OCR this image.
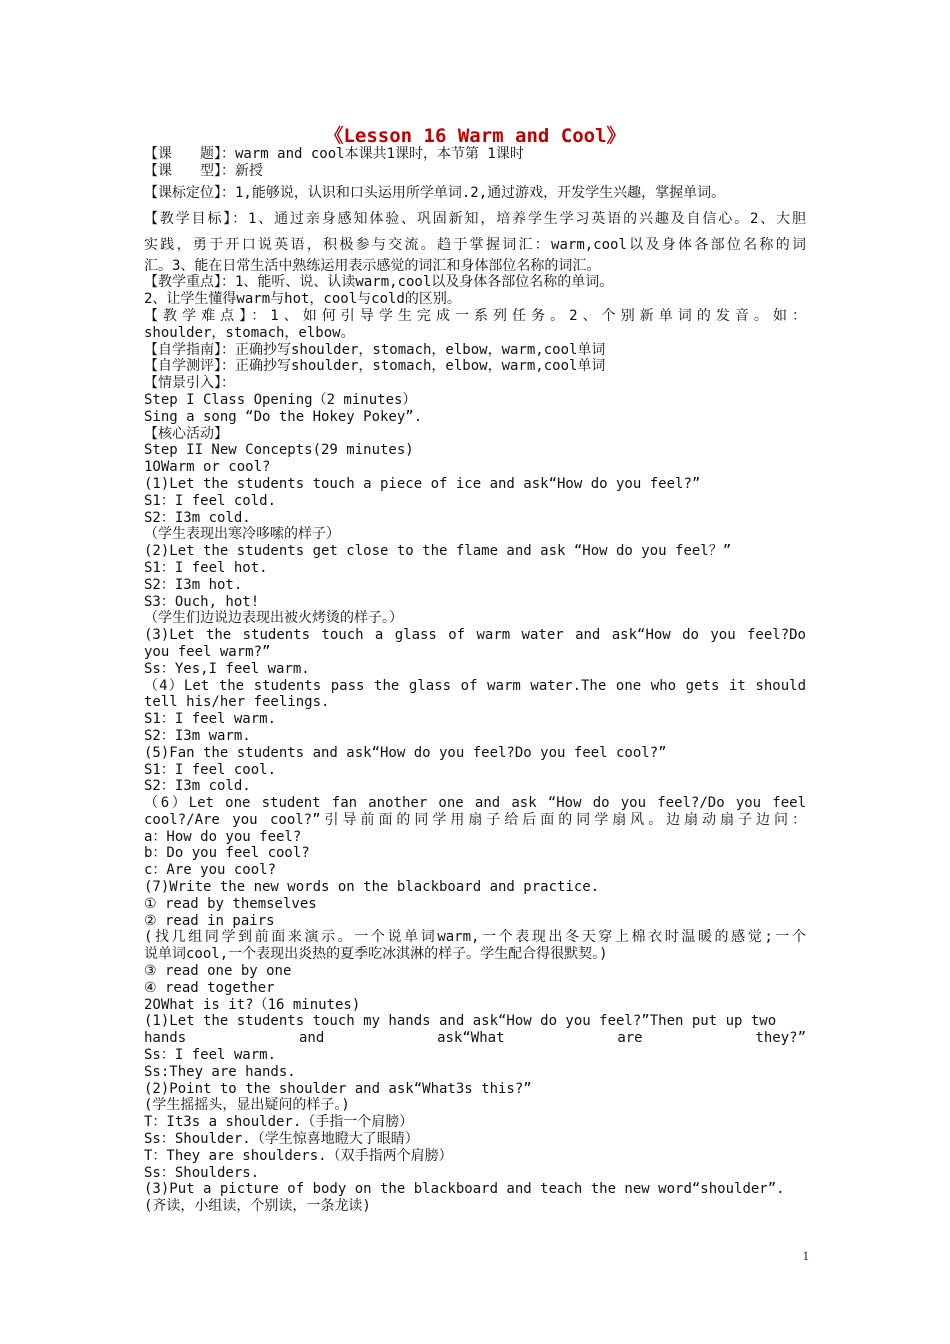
《Lesson 16 Warm and Cool》
【课　　题】：warm and cool本课共1课时，本节第 1课时
【课　　型】：新授
【课标定位】：1,能够说，认识和口头运用所学单词.2,通过游戏，开发学生兴趣，掌握单词。
【教学目标】：1、通过亲身感知体验、巩固新知，培养学生学习英语的兴趣及自信心。2、大胆
实践，勇于开口说英语，积极参与交流。趋于掌握词汇：warm,cool以及身体各部位名称的词
汇。3、能在日常生活中熟练运用表示感觉的词汇和身体部位名称的词汇。
【教学重点】：1、能听、说、认读warm,cool以及身体各部位名称的单词。
2、让学生懂得warm与hot，cool与cold的区别。
【教学难点】：1、如何引导学生完成一系列任务。2、个别新单词的发音。如：
shoulder，stomach，elbow。
【自学指南】：正确抄写shoulder，stomach，elbow，warm,cool单词
【自学测评】：正确抄写shoulder，stomach，elbow，warm,cool单词
【情景引入】：
Step I Class Opening（2 minutes）
Sing a song “Do the Hokey Pokey”.
【核心活动】
Step II New Concepts(29 minutes)
1OWarm or cool?
(1)Let the students touch a piece of ice and ask“How do you feel?”
S1：I feel cold.
S2：I3m cold.
（学生表现出寒冷哆嗦的样子）
(2)Let the students get close to the flame and ask “How do you feel？”
S1：I feel hot.
S2：I3m hot.
S3：Ouch, hot!
（学生们边说边表现出被火烤烫的样子。）
(3)Let the students touch a glass of warm water and ask“How do you feel?Do
you feel warm?”
Ss：Yes,I feel warm.
（4）Let the students pass the glass of warm water.The one who gets it should
tell his/her feelings.
S1：I feel warm.
S2：I3m warm.
(5)Fan the students and ask“How do you feel?Do you feel cool?”
S1：I feel cool.
S2：I3m cold.
（6）Let one student fan another one and ask “How do you feel?/Do you feel
cool?/Are you cool?”引导前面的同学用扇子给后面的同学扇风。边扇动扇子边问：
a：How do you feel?
b：Do you feel cool?
c：Are you cool?
(7)Write the new words on the blackboard and practice.
① read by themselves
② read in pairs
(找几组同学到前面来演示。一个说单词warm,一个表现出冬天穿上棉衣时温暖的感觉;一个
说单词cool,一个表现出炎热的夏季吃冰淇淋的样子。学生配合得很默契。)
③ read one by one
④ read together
2OWhat is it?（16 minutes)
(1)Let the students touch my hands and ask“How do you feel?”Then put up two
hands and ask“What are they?”
Ss：I feel warm.
Ss:They are hands.
(2)Point to the shoulder and ask“What3s this?”
(学生摇摇头，显出疑问的样子。)
T：It3s a shoulder.（手指一个肩膀）
Ss：Shoulder.（学生惊喜地瞪大了眼睛）
T：They are shoulders.（双手指两个肩膀）
Ss：Shoulders.
(3)Put a picture of body on the blackboard and teach the new word“shoulder”.
(齐读，小组读，个别读，一条龙读)
1
